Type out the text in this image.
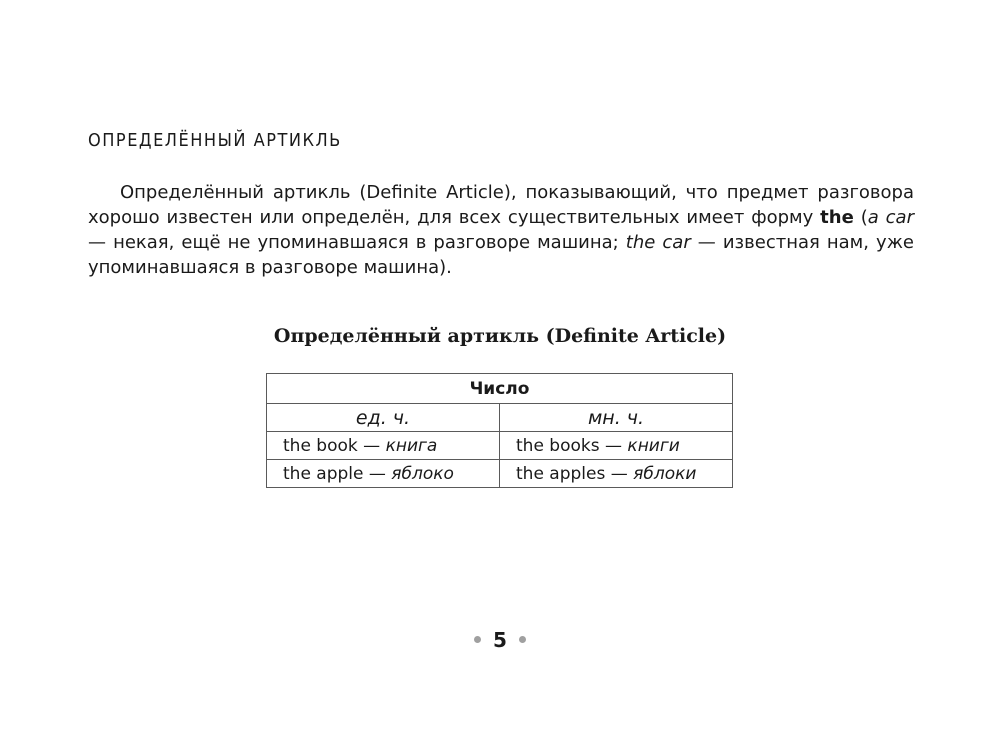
ОПРЕДЕЛЁННЫЙ АРТИКЛЬ

Определённый артикль (Definite Article), показывающий, что предмет разговора хорошо известен или определён, для всех существительных имеет форму the (a car — некая, ещё не упоминавшаяся в разговоре машина; the car — известная нам, уже упоминавшаяся в разговоре машина).

Определённый артикль (Definite Article)

Число	
ед. ч.	мн. ч.
the book — книга	the books — книги
the apple — яблоко	the apples — яблоки

5
